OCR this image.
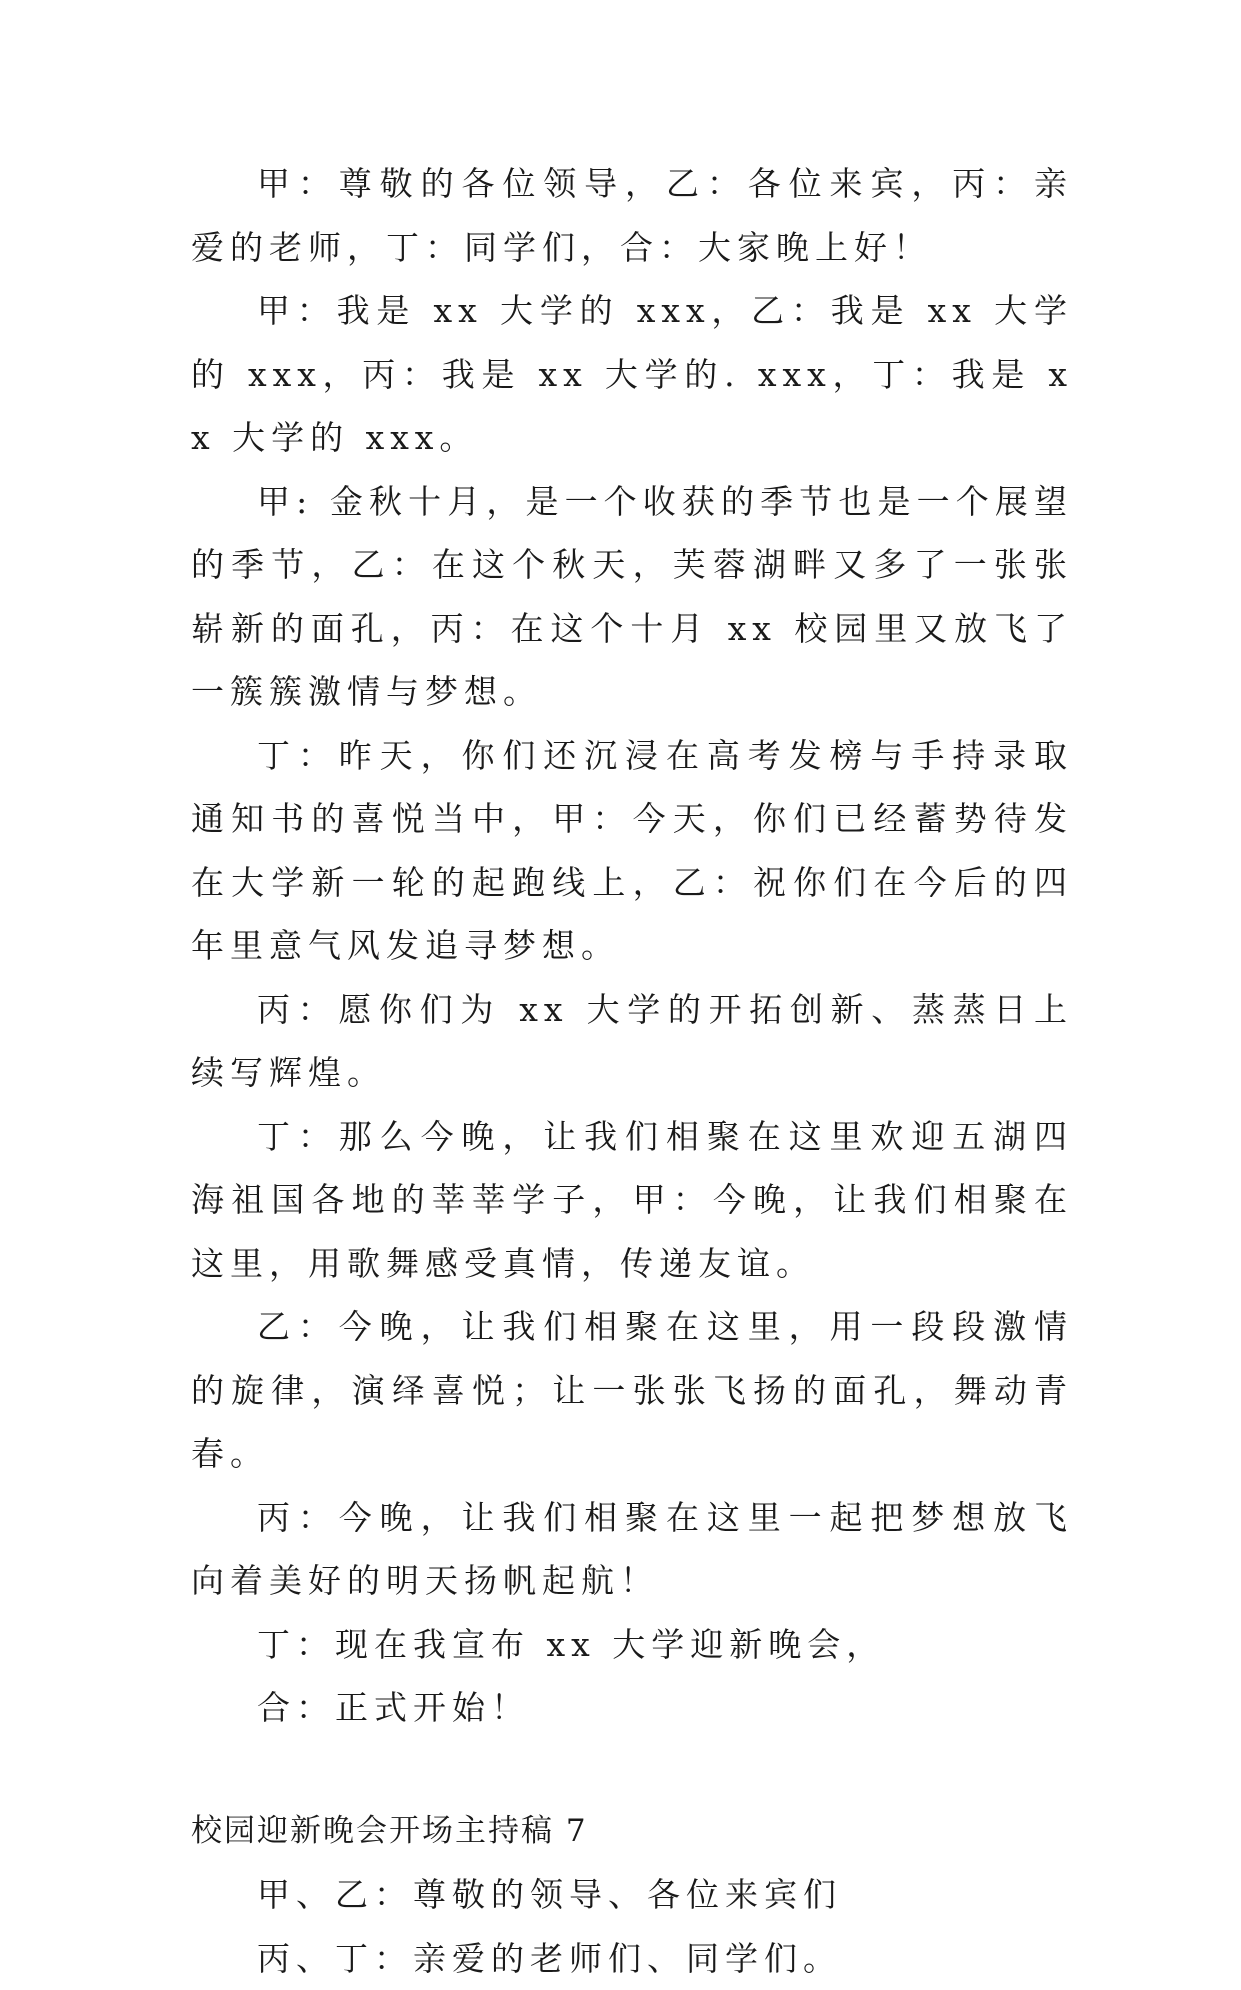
甲：尊敬的各位领导，乙：各位来宾，丙：亲爱的老师，丁：同学们，合：大家晚上好！

甲：我是 xx 大学的 xxx，乙：我是 xx 大学的 xxx，丙：我是 xx 大学的. xxx，丁：我是 xx 大学的 xxx。

甲: 金秋十月，是一个收获的季节也是一个展望的季节，乙：在这个秋天，芙蓉湖畔又多了一张张崭新的面孔，丙：在这个十月 xx 校园里又放飞了一簇簇激情与梦想。

丁：昨天，你们还沉浸在高考发榜与手持录取通知书的喜悦当中，甲：今天，你们已经蓄势待发在大学新一轮的起跑线上，乙：祝你们在今后的四年里意气风发追寻梦想。

丙：愿你们为 xx 大学的开拓创新、蒸蒸日上续写辉煌。

丁：那么今晚，让我们相聚在这里欢迎五湖四海祖国各地的莘莘学子，甲：今晚，让我们相聚在这里，用歌舞感受真情，传递友谊。

乙：今晚，让我们相聚在这里，用一段段激情的旋律，演绎喜悦；让一张张飞扬的面孔，舞动青春。

丙：今晚，让我们相聚在这里一起把梦想放飞向着美好的明天扬帆起航！

丁：现在我宣布 xx 大学迎新晚会，

合：正式开始！

校园迎新晚会开场主持稿 7

甲、乙：尊敬的领导、各位来宾们

丙、丁：亲爱的老师们、同学们。
